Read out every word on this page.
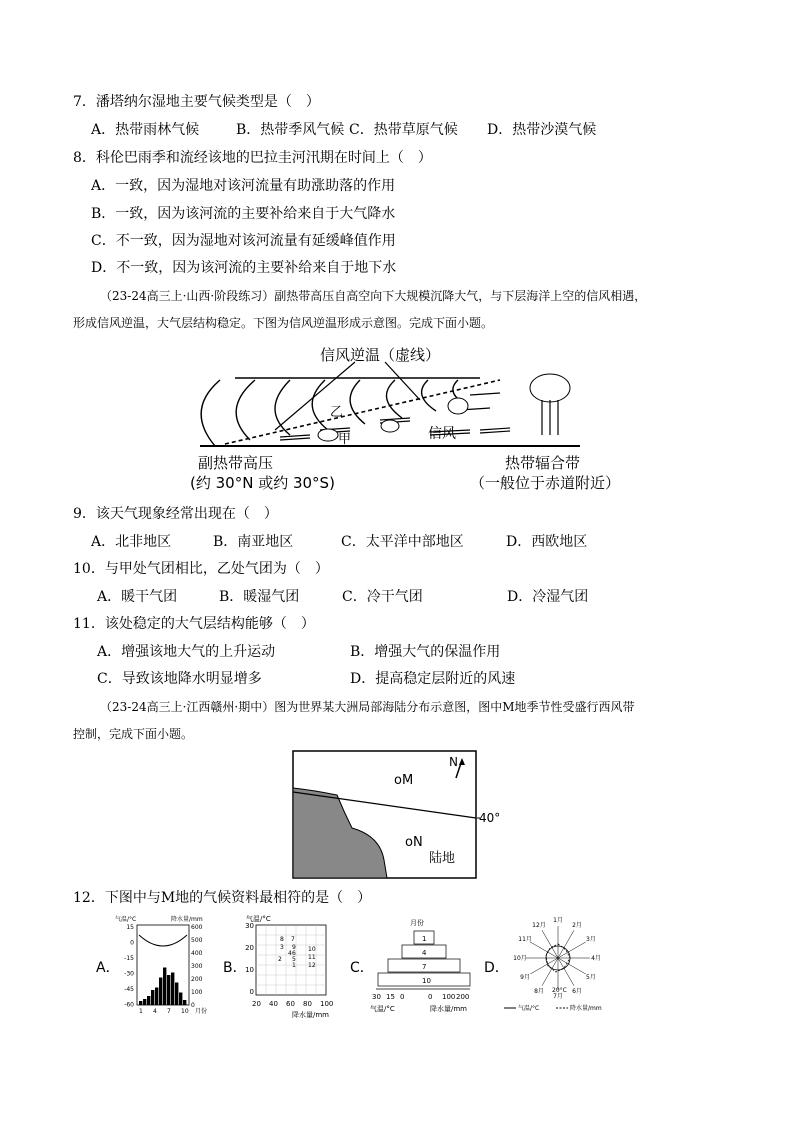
7．潘塔纳尔湿地主要气候类型是（　）
A．热带雨林气候	B．热带季风气候 C．热带草原气候 D．热带沙漠气候
8．科伦巴雨季和流经该地的巴拉圭河汛期在时间上（　）
A．一致，因为湿地对该河流量有助涨助落的作用
B．一致，因为该河流的主要补给来自于大气降水
C．不一致，因为湿地对该河流量有延缓峰值作用
D．不一致，因为该河流的主要补给来自于地下水
（23-24高三上·山西·阶段练习）副热带高压自高空向下大规模沉降大气，与下层海洋上空的信风相遇，
形成信风逆温，大气层结构稳定。下图为信风逆温形成示意图。完成下面小题。
信风逆温（虚线）
乙
甲	信风
副热带高压
(约 30°N 或约 30°S)
热带辐合带
（一般位于赤道附近）
9．该天气现象经常出现在（　）
A．北非地区	B．南亚地区	C．太平洋中部地区	D．西欧地区
10．与甲处气团相比，乙处气团为（　）
A．暖干气团	B．暖湿气团	C．冷干气团	D．冷湿气团
11．该处稳定的大气层结构能够（　）
A．增强该地大气的上升运动	B．增强大气的保温作用
C．导致该地降水明显增多	D．提高稳定层附近的风速
（23-24高三上·江西赣州·期中）图为世界某大洲局部海陆分布示意图，图中M地季节性受盛行西风带
控制，完成下面小题。
N
oM
oN
陆地
40°
12．下图中与M地的气候资料最相符的是（　）
A．	B．	C．	D．
气温/°C	降水量/mm
15
0
-15
-30
-45
-60
600
500
400
300
200
100
0
1 4 7 10 月份
气温/°C
30
20
10
0
20 40 60 80 100
8 7
9
3
4 6
10
2 5 11
1 12
降水量/mm
月份
1
4
7
10
30 15 0	0 100 200
气温/°C	降水量/mm
1月
2月
3月
4月
5月
6月
7月
8月
9月
10月
11月
12月
20°C
气温/°C	降水量/mm
